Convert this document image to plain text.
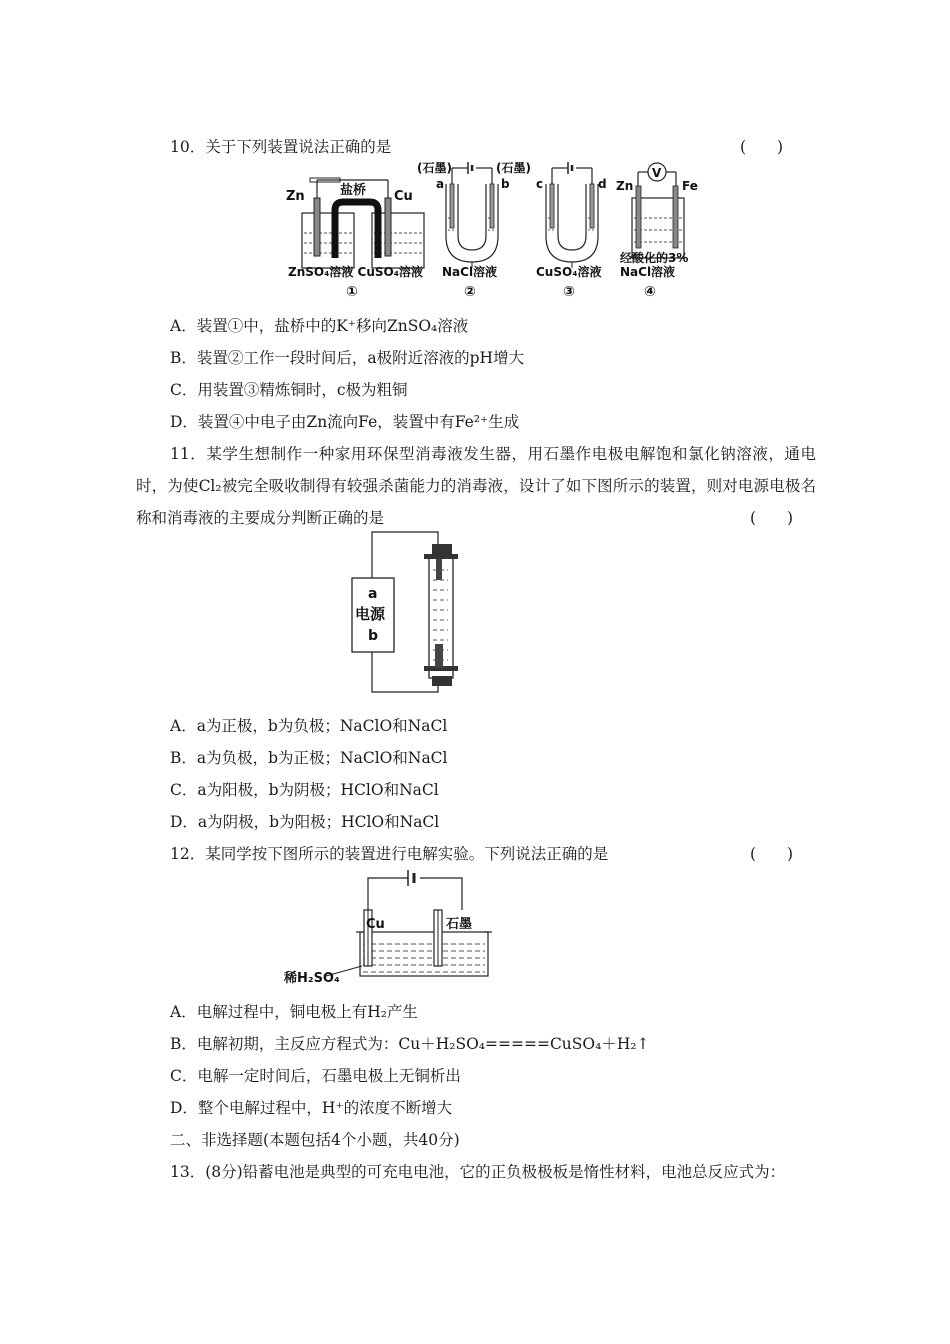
10．关于下列装置说法正确的是	(　　)
Zn	盐桥 Cu
ZnSO₄溶液 CuSO₄溶液
①
(石墨)	(石墨)
a	b
NaCl溶液
②
c	d
CuSO₄溶液
③
V
Zn	Fe
经酸化的3%
NaCl溶液
④
A．装置①中，盐桥中的K⁺移向ZnSO₄溶液
B．装置②工作一段时间后，a极附近溶液的pH增大
C．用装置③精炼铜时，c极为粗铜
D．装置④中电子由Zn流向Fe，装置中有Fe²⁺生成
11．某学生想制作一种家用环保型消毒液发生器，用石墨作电极电解饱和氯化钠溶液，通电时，为使Cl₂被完全吸收制得有较强杀菌能力的消毒液，设计了如下图所示的装置，则对电源电极名称和消毒液的主要成分判断正确的是	(　　)
a
电源
b
A．a为正极，b为负极；NaClO和NaCl
B．a为负极，b为正极；NaClO和NaCl
C．a为阳极，b为阴极；HClO和NaCl
D．a为阴极，b为阳极；HClO和NaCl
12．某同学按下图所示的装置进行电解实验。下列说法正确的是	(　　)
Cu	石墨
稀H₂SO₄
A．电解过程中，铜电极上有H₂产生
B．电解初期，主反应方程式为：Cu＋H₂SO₄=====CuSO₄＋H₂↑
C．电解一定时间后，石墨电极上无铜析出
D．整个电解过程中，H⁺的浓度不断增大
二、非选择题(本题包括4个小题，共40分)
13．(8分)铅蓄电池是典型的可充电电池，它的正负极极板是惰性材料，电池总反应式为：
